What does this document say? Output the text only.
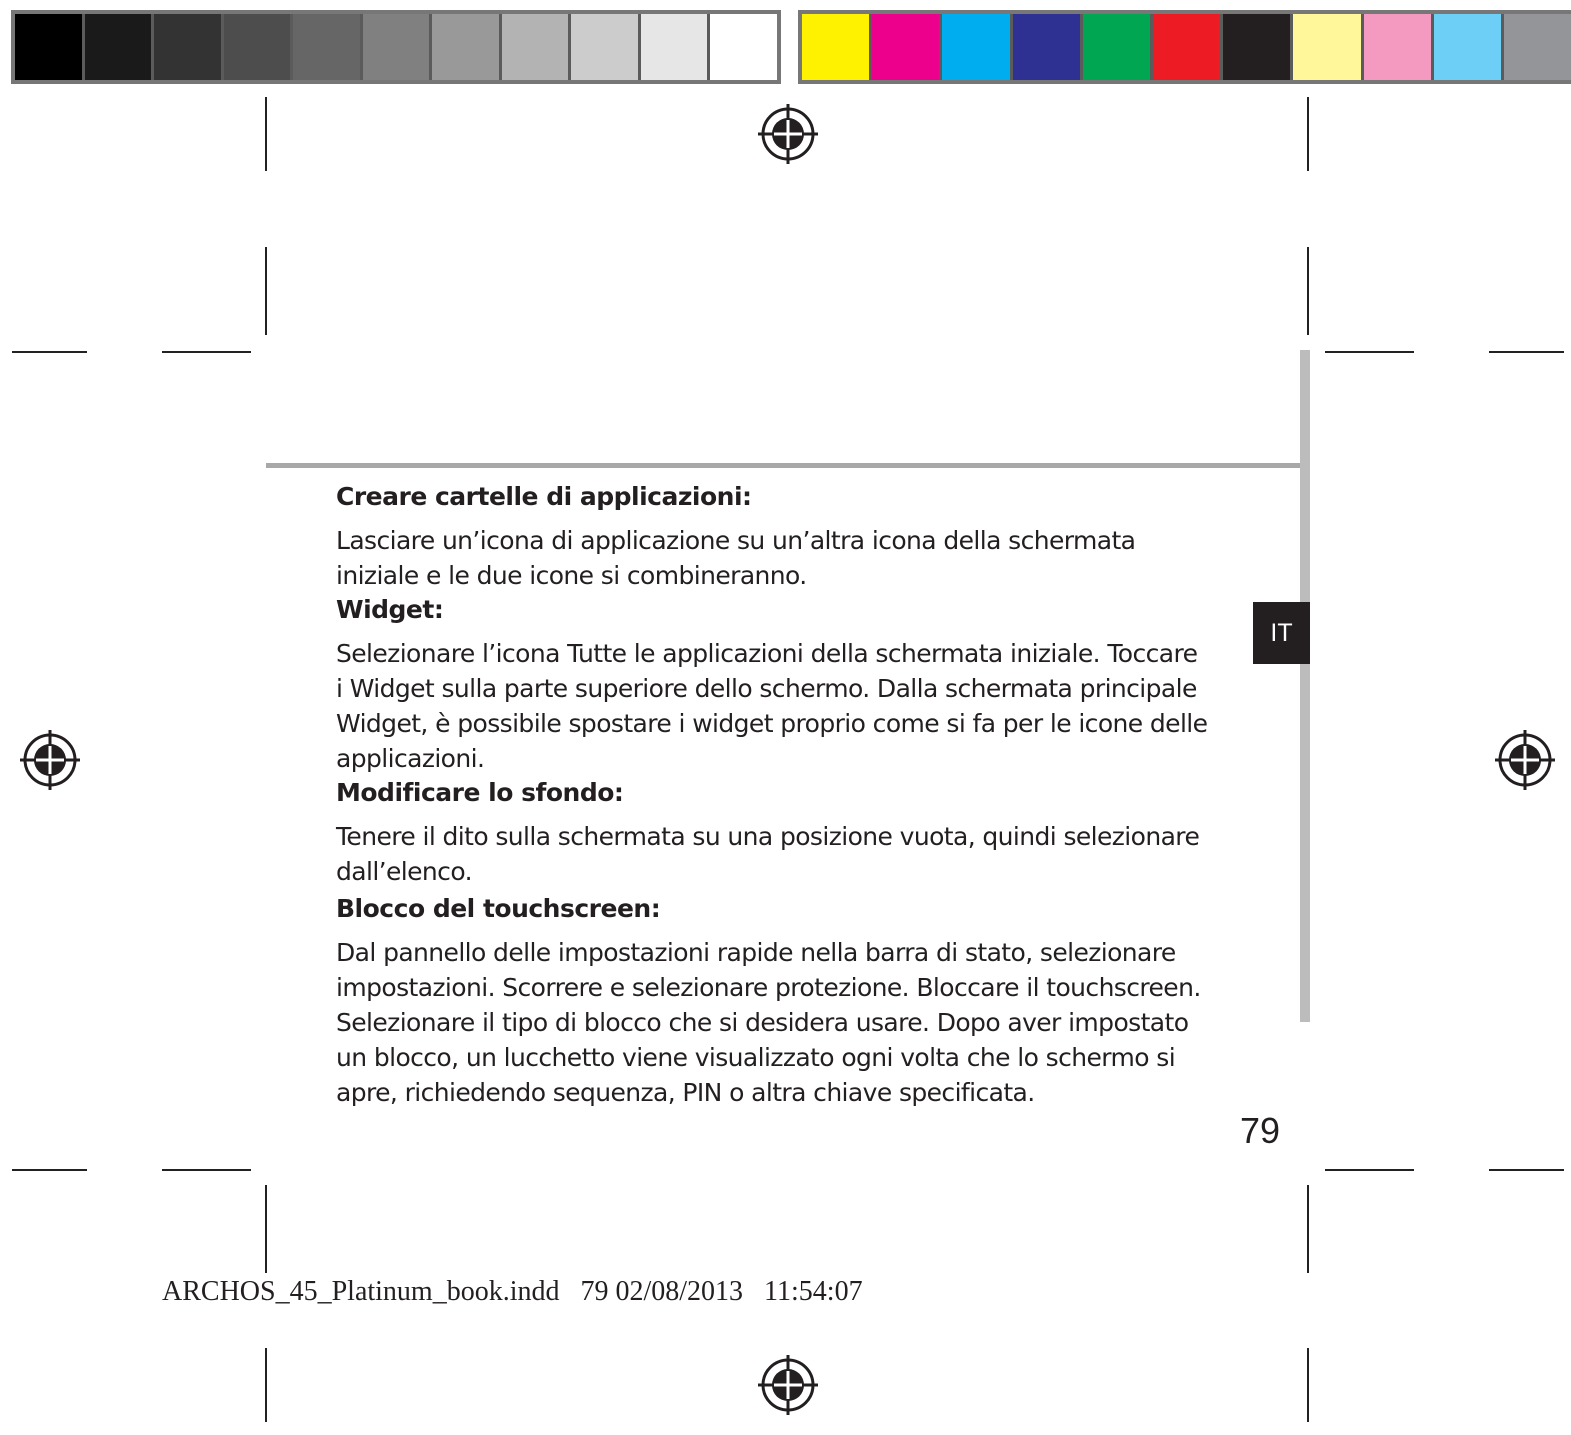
IT
Creare cartelle di applicazioni:

Lasciare un’icona di applicazione su un’altra icona della schermata

iniziale e le due icone si combineranno.

Widget:

Selezionare l’icona Tutte le applicazioni della schermata iniziale. Toccare

i Widget sulla parte superiore dello schermo. Dalla schermata principale

Widget, è possibile spostare i widget proprio come si fa per le icone delle

applicazioni.

Modificare lo sfondo:

Tenere il dito sulla schermata su una posizione vuota, quindi selezionare

dall’elenco.

Blocco del touchscreen:

Dal pannello delle impostazioni rapide nella barra di stato, selezionare

impostazioni. Scorrere e selezionare protezione. Bloccare il touchscreen.

Selezionare il tipo di blocco che si desidera usare. Dopo aver impostato

un blocco, un lucchetto viene visualizzato ogni volta che lo schermo si

apre, richiedendo sequenza, PIN o altra chiave specificata.

79
ARCHOS_45_Platinum_book.indd 79 02/08/2013 11:54:07
